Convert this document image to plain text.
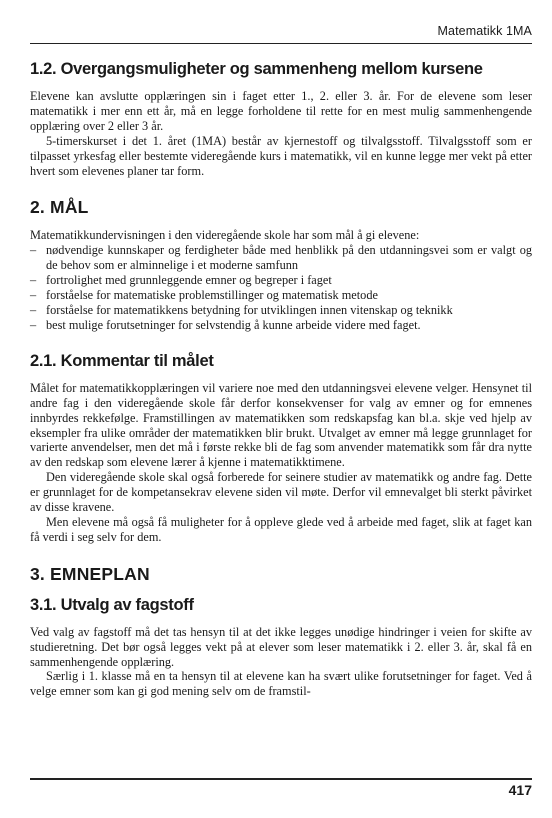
Matematikk 1MA
1.2. Overgangsmuligheter og sammenheng mellom kursene

Elevene kan avslutte opplæringen sin i faget etter 1., 2. eller 3. år. For de elevene som leser matematikk i mer enn ett år, må en legge forholdene til rette for en mest mulig sammenhengende opplæring over 2 eller 3 år.

5-timerskurset i det 1. året (1MA) består av kjernestoff og tilvalgsstoff. Tilvalgsstoff som er tilpasset yrkesfag eller bestemte videregående kurs i matematikk, vil en kunne legge mer vekt på etter hvert som elevenes planer tar form.

2. MÅL

Matematikkundervisningen i den videregående skole har som mål å gi elevene:

– nødvendige kunnskaper og ferdigheter både med henblikk på den utdanningsvei som er valgt og de behov som er alminnelige i et moderne samfunn
– fortrolighet med grunnleggende emner og begreper i faget
– forståelse for matematiske problemstillinger og matematisk metode
– forståelse for matematikkens betydning for utviklingen innen vitenskap og teknikk
– best mulige forutsetninger for selvstendig å kunne arbeide videre med faget.
2.1. Kommentar til målet

Målet for matematikkopplæringen vil variere noe med den utdanningsvei elevene velger. Hensynet til andre fag i den videregående skole får derfor konsekvenser for valg av emner og for emnenes innbyrdes rekkefølge. Framstillingen av matematikken som redskapsfag kan bl.a. skje ved hjelp av eksempler fra ulike områder der matematikken blir brukt. Utvalget av emner må legge grunnlaget for varierte anvendelser, men det må i første rekke bli de fag som anvender matematikk som får dra nytte av den redskap som elevene lærer å kjenne i matematikktimene.

Den videregående skole skal også forberede for seinere studier av matematikk og andre fag. Dette er grunnlaget for de kompetansekrav elevene siden vil møte. Derfor vil emnevalget bli sterkt påvirket av disse kravene.

Men elevene må også få muligheter for å oppleve glede ved å arbeide med faget, slik at faget kan få verdi i seg selv for dem.

3. EMNEPLAN
3.1. Utvalg av fagstoff

Ved valg av fagstoff må det tas hensyn til at det ikke legges unødige hindringer i veien for skifte av studieretning. Det bør også legges vekt på at elever som leser matematikk i 2. eller 3. år, skal få en sammenhengende opplæring.

Særlig i 1. klasse må en ta hensyn til at elevene kan ha svært ulike forutsetninger for faget. Ved å velge emner som kan gi god mening selv om de framstil-

417
